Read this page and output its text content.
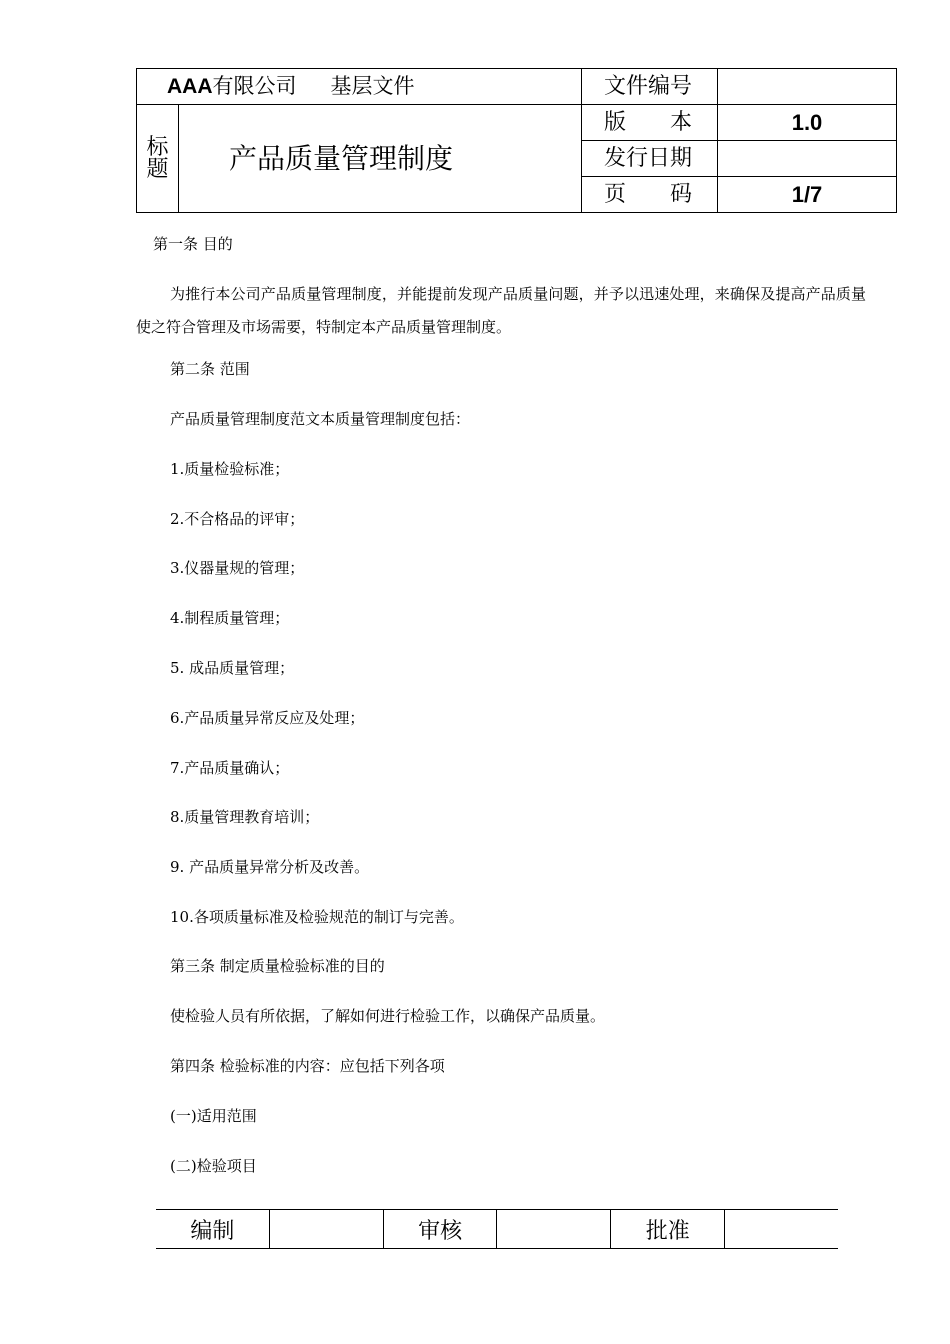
AAA有限公司 基层文件		文件编号	
标题	产品质量管理制度	版　　本	1.0
		发行日期	
		页　　码	1/7

第一条 目的

为推行本公司产品质量管理制度，并能提前发现产品质量问题，并予以迅速处理，来确保及提高产品质量使之符合管理及市场需要，特制定本产品质量管理制度。

第二条 范围

产品质量管理制度范文本质量管理制度包括：

1.质量检验标准；

2.不合格品的评审；

3.仪器量规的管理；

4.制程质量管理；

5. 成品质量管理；

6.产品质量异常反应及处理；

7.产品质量确认；

8.质量管理教育培训；

9. 产品质量异常分析及改善。

10.各项质量标准及检验规范的制订与完善。

第三条 制定质量检验标准的目的

使检验人员有所依据，了解如何进行检验工作，以确保产品质量。

第四条 检验标准的内容：应包括下列各项

(一)适用范围

(二)检验项目

编制	审核	批准
